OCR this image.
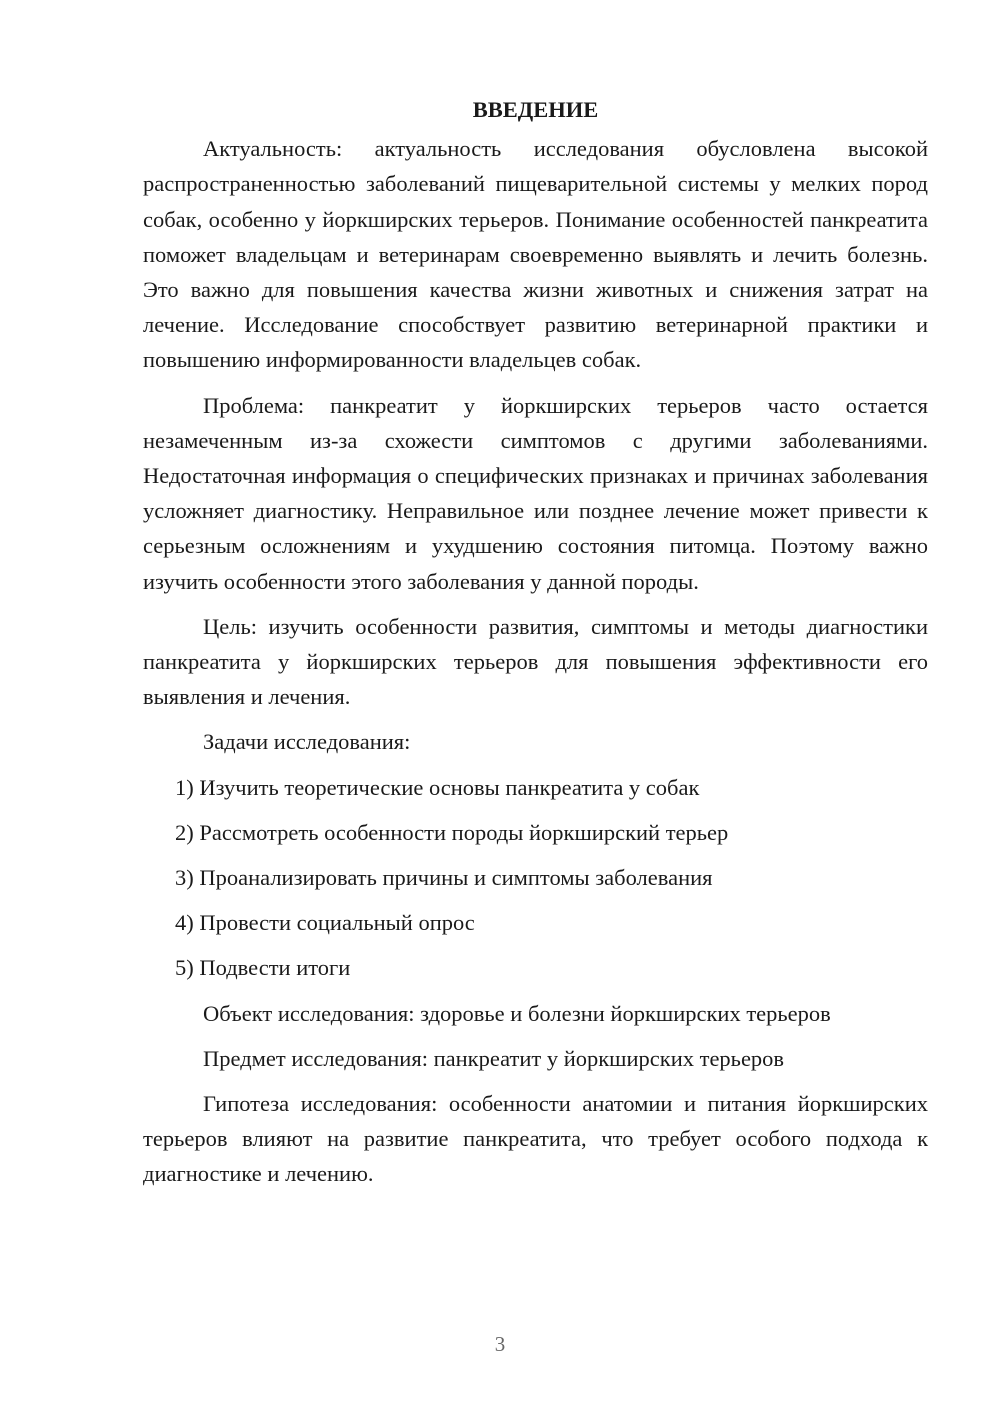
ВВЕДЕНИЕ

Актуальность: актуальность исследования обусловлена высокой распространенностью заболеваний пищеварительной системы у мелких пород собак, особенно у йоркширских терьеров. Понимание особенностей панкреатита поможет владельцам и ветеринарам своевременно выявлять и лечить болезнь. Это важно для повышения качества жизни животных и снижения затрат на лечение. Исследование способствует развитию ветеринарной практики и повышению информированности владельцев собак.

Проблема: панкреатит у йоркширских терьеров часто остается незамеченным из-за схожести симптомов с другими заболеваниями. Недостаточная информация о специфических признаках и причинах заболевания усложняет диагностику. Неправильное или позднее лечение может привести к серьезным осложнениям и ухудшению состояния питомца. Поэтому важно изучить особенности этого заболевания у данной породы.

Цель: изучить особенности развития, симптомы и методы диагностики панкреатита у йоркширских терьеров для повышения эффективности его выявления и лечения.

Задачи исследования:

1) Изучить теоретические основы панкреатита у собак

2) Рассмотреть особенности породы йоркширский терьер

3) Проанализировать причины и симптомы заболевания

4) Провести социальный опрос

5) Подвести итоги

Объект исследования: здоровье и болезни йоркширских терьеров

Предмет исследования: панкреатит у йоркширских терьеров

Гипотеза исследования: особенности анатомии и питания йоркширских терьеров влияют на развитие панкреатита, что требует особого подхода к диагностике и лечению.

3
